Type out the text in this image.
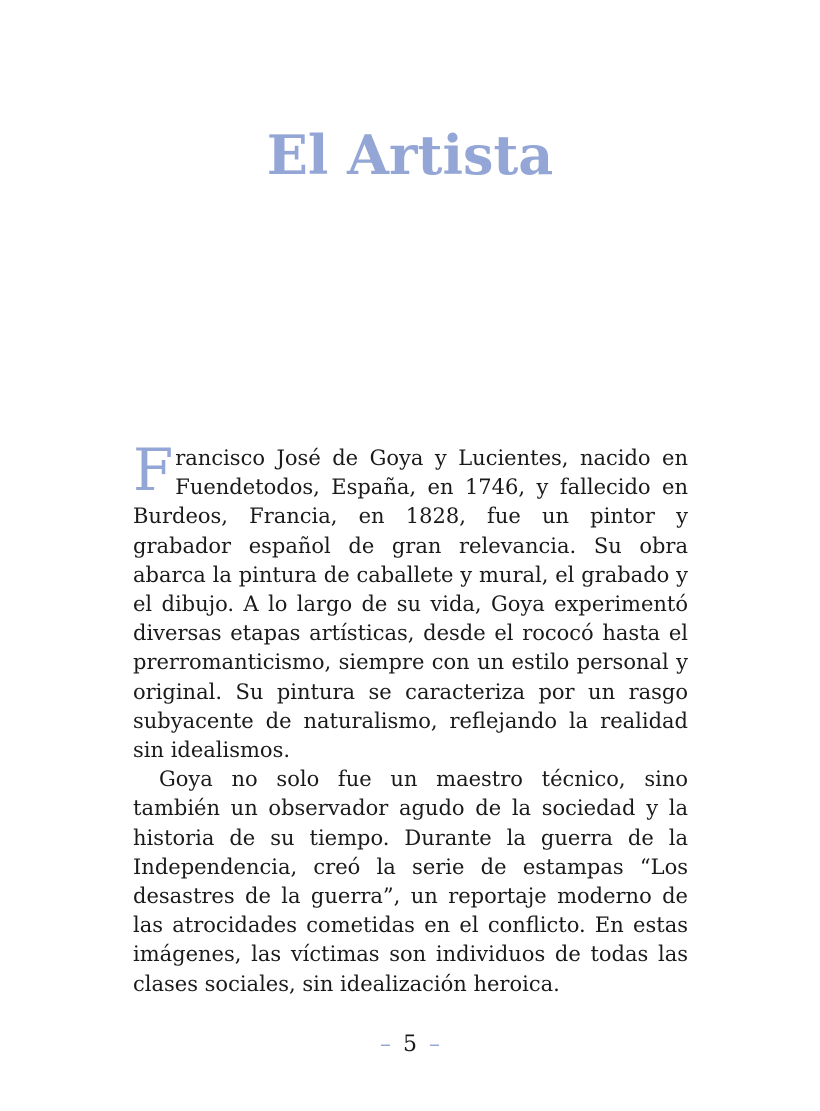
El Artista

Francisco José de Goya y Lucientes, nacido en Fuendetodos, España, en 1746, y fallecido en Burdeos, Francia, en 1828, fue un pintor y grabador español de gran relevancia. Su obra abarca la pintura de caballete y mural, el grabado y el dibujo. A lo largo de su vida, Goya experimentó diversas etapas artísticas, desde el rococó hasta el prerromanticismo, siempre con un estilo personal y original. Su pintura se caracteriza por un rasgo subyacente de naturalismo, reflejando la realidad sin idealismos.

Goya no solo fue un maestro técnico, sino también un observador agudo de la sociedad y la historia de su tiempo. Durante la guerra de la Independencia, creó la serie de estampas “Los desastres de la guerra”, un reportaje moderno de las atrocidades cometidas en el conflicto. En estas imágenes, las víctimas son individuos de todas las clases sociales, sin idealización heroica.

– 5 –
